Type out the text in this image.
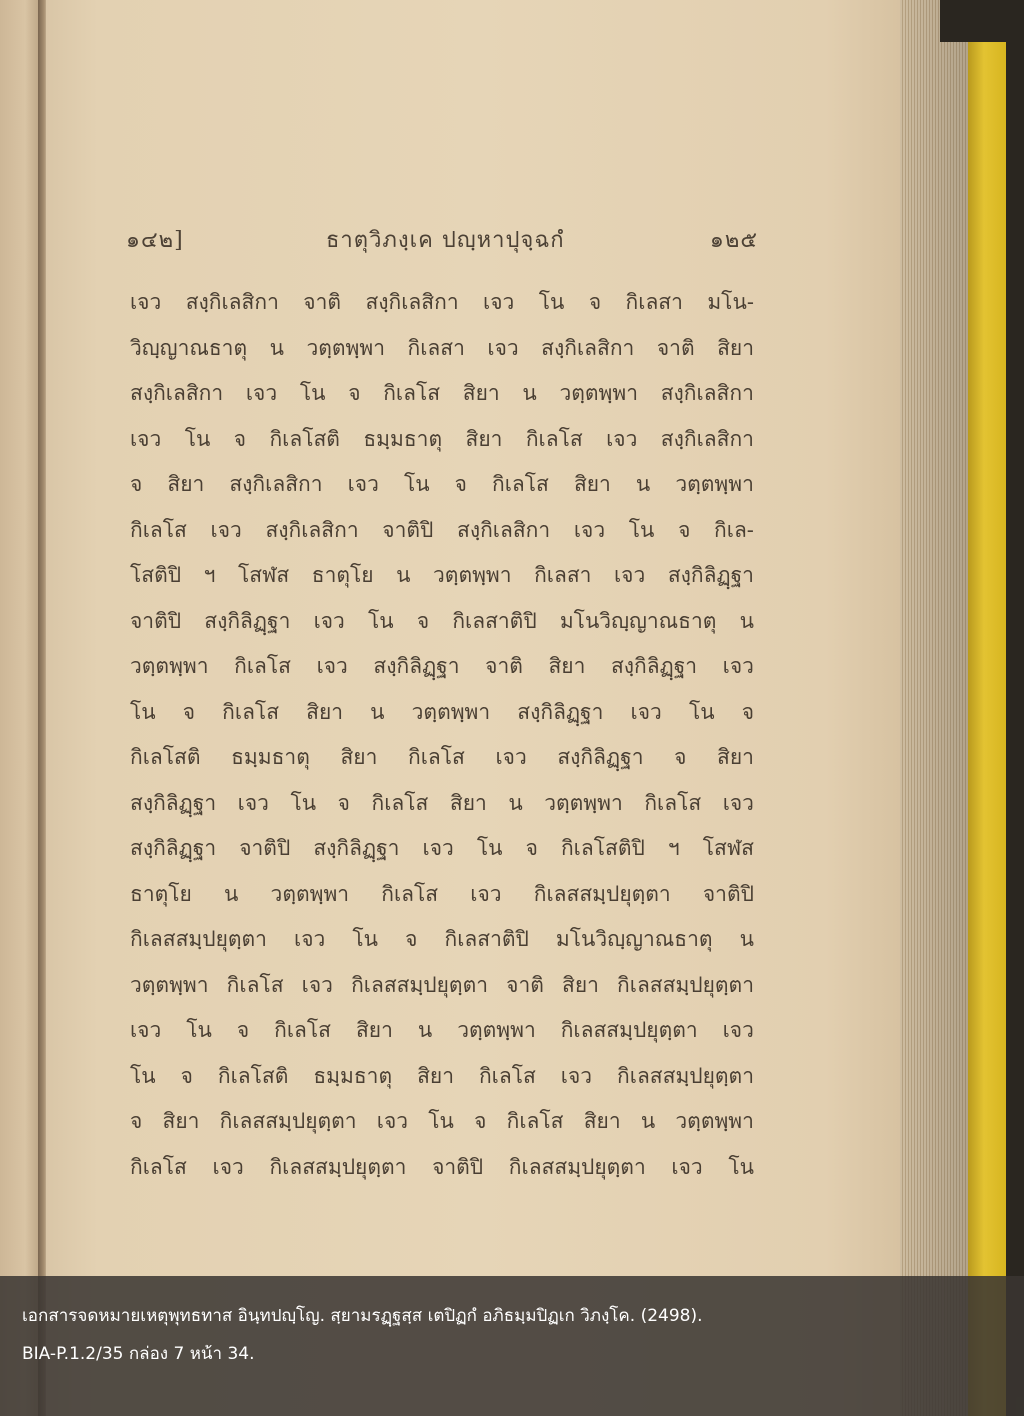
๑๔๒]	ธาตุวิภงฺเค ปญฺหาปุจฺฉกํ	๑๒๕
เจว สงฺกิเลสิกา จาติ สงฺกิเลสิกา เจว โน จ กิเลสา มโน-
วิญฺญาณธาตุ น วตฺตพฺพา กิเลสา เจว สงฺกิเลสิกา จาติ สิยา
สงฺกิเลสิกา เจว โน จ กิเลโส สิยา น วตฺตพฺพา สงฺกิเลสิกา
เจว โน จ กิเลโสติ ธมฺมธาตุ สิยา กิเลโส เจว สงฺกิเลสิกา
จ สิยา สงฺกิเลสิกา เจว โน จ กิเลโส สิยา น วตฺตพฺพา
กิเลโส เจว สงฺกิเลสิกา จาติปิ สงฺกิเลสิกา เจว โน จ กิเล-
โสติปิ ฯ โสฬส ธาตุโย น วตฺตพฺพา กิเลสา เจว สงฺกิลิฏฺฐา
จาติปิ สงฺกิลิฏฺฐา เจว โน จ กิเลสาติปิ มโนวิญฺญาณธาตุ น
วตฺตพฺพา กิเลโส เจว สงฺกิลิฏฺฐา จาติ สิยา สงฺกิลิฏฺฐา เจว
โน จ กิเลโส สิยา น วตฺตพฺพา สงฺกิลิฏฺฐา เจว โน จ
กิเลโสติ ธมฺมธาตุ สิยา กิเลโส เจว สงฺกิลิฏฺฐา จ สิยา
สงฺกิลิฏฺฐา เจว โน จ กิเลโส สิยา น วตฺตพฺพา กิเลโส เจว
สงฺกิลิฏฺฐา จาติปิ สงฺกิลิฏฺฐา เจว โน จ กิเลโสติปิ ฯ โสฬส
ธาตุโย น วตฺตพฺพา กิเลโส เจว กิเลสสมฺปยุตฺตา จาติปิ
กิเลสสมฺปยุตฺตา เจว โน จ กิเลสาติปิ มโนวิญฺญาณธาตุ น
วตฺตพฺพา กิเลโส เจว กิเลสสมฺปยุตฺตา จาติ สิยา กิเลสสมฺปยุตฺตา
เจว โน จ กิเลโส สิยา น วตฺตพฺพา กิเลสสมฺปยุตฺตา เจว
โน จ กิเลโสติ ธมฺมธาตุ สิยา กิเลโส เจว กิเลสสมฺปยุตฺตา
จ สิยา กิเลสสมฺปยุตฺตา เจว โน จ กิเลโส สิยา น วตฺตพฺพา
กิเลโส เจว กิเลสสมฺปยุตฺตา จาติปิ กิเลสสมฺปยุตฺตา เจว โน
เอกสารจดหมายเหตุพุทธทาส อินฺทปญฺโญ. สฺยามรฏฺฐสฺส เตปิฏกํ อภิธมฺมปิฏเก วิภงฺโค. (2498).
BIA-P.1.2/35 กล่อง 7 หน้า 34.
